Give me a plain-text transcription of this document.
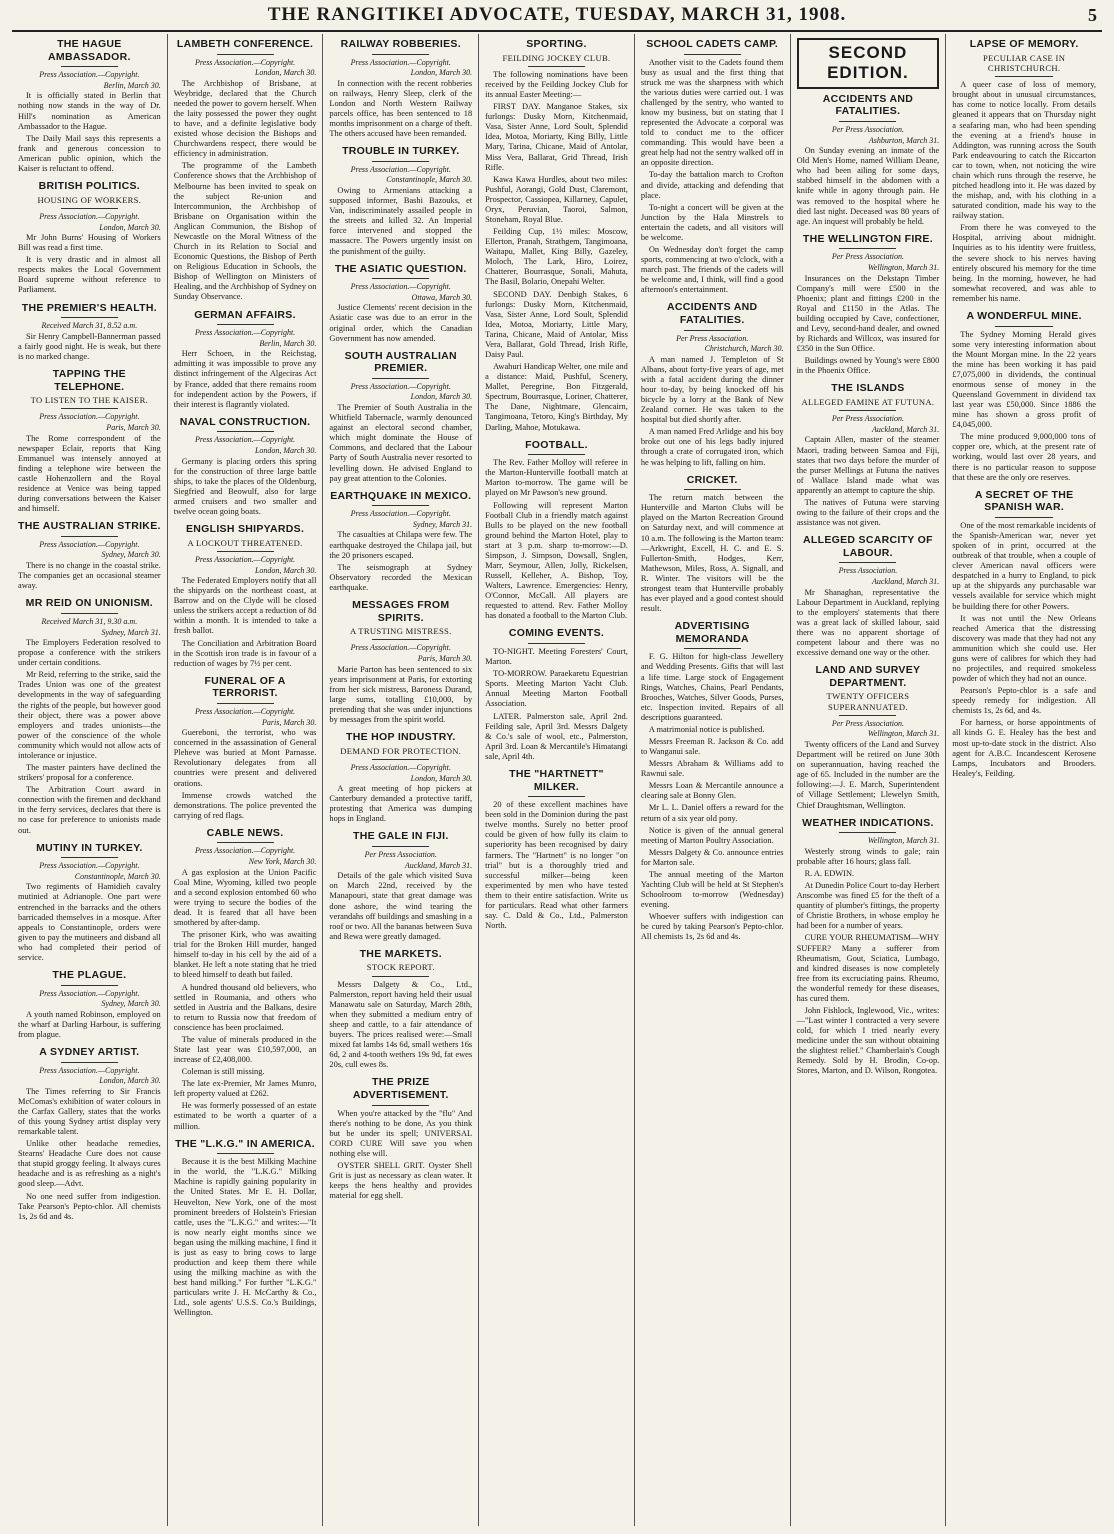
THE RANGITIKEI ADVOCATE, TUESDAY, MARCH 31, 1908.	5
THE HAGUE AMBASSADOR.
Press Association.—Copyright.
Berlin, March 30.

It is officially stated in Berlin that nothing now stands in the way of Dr. Hill's nomination as American Ambassador to the Hague.

The Daily Mail says this represents a frank and generous concession to American public opinion, which the Kaiser is reluctant to offend.

BRITISH POLITICS.
HOUSING OF WORKERS.
Press Association.—Copyright.
London, March 30.

Mr John Burns' Housing of Workers Bill was read a first time.

It is very drastic and in almost all respects makes the Local Government Board supreme without reference to Parliament.

THE PREMIER'S HEALTH.
Received March 31, 8.52 a.m.

Sir Henry Campbell-Bannerman passed a fairly good night. He is weak, but there is no marked change.

TAPPING THE TELEPHONE.
TO LISTEN TO THE KAISER.
Press Association.—Copyright.
Paris, March 30.

The Rome correspondent of the newspaper Eclair, reports that King Emmanuel was intensely annoyed at finding a telephone wire between the castle Hohenzollern and the Royal residence at Venice was being tapped during conversations between the Kaiser and himself.

THE AUSTRALIAN STRIKE.
Press Association.—Copyright.
Sydney, March 30.

There is no change in the coastal strike. The companies get an occasional steamer away.

MR REID ON UNIONISM.
Received March 31, 9.30 a.m.
Sydney, March 31.

The Employers Federation resolved to propose a conference with the strikers under certain conditions.

Mr Reid, referring to the strike, said the Trades Union was one of the greatest developments in the way of safeguarding the rights of the people, but however good their object, there was a power above employers and trades unionists—the power of the conscience of the whole community which would not allow acts of intolerance or injustice.

The master painters have declined the strikers' proposal for a conference.

The Arbitration Court award in connection with the firemen and deckhand in the ferry services, declares that there is no case for preference to unionists made out.

MUTINY IN TURKEY.
Press Association.—Copyright.
Constantinople, March 30.

Two regiments of Hamidieh cavalry mutinied at Adrianople. One part were entrenched in the barracks and the others barricaded themselves in a mosque. After appeals to Constantinople, orders were given to pay the mutineers and disband all who had completed their period of service.

THE PLAGUE.
Press Association.—Copyright.
Sydney, March 30.

A youth named Robinson, employed on the wharf at Darling Harbour, is suffering from plague.

A SYDNEY ARTIST.
Press Association.—Copyright.
London, March 30.

The Times referring to Sir Francis McComas's exhibition of water colours in the Carfax Gallery, states that the works of this young Sydney artist display very remarkable talent.

Unlike other headache remedies, Stearns' Headache Cure does not cause that stupid groggy feeling. It always cures headache and is as refreshing as a night's good sleep.—Advt.

No one need suffer from indigestion. Take Pearson's Pepto-chlor. All chemists 1s, 2s 6d and 4s.

LAMBETH CONFERENCE.
Press Association.—Copyright.
London, March 30.

The Archbishop of Brisbane, at Weybridge, declared that the Church needed the power to govern herself. When the laity possessed the power they ought to have, and a definite legislative body existed whose decision the Bishops and Churchwardens respect, there would be efficiency in administration.

The programme of the Lambeth Conference shows that the Archbishop of Melbourne has been invited to speak on the subject Re-union and Intercommunion, the Archbishop of Brisbane on Organisation within the Anglican Communion, the Bishop of Newcastle on the Moral Witness of the Church in its Relation to Social and Economic Questions, the Bishop of Perth on Religious Education in Schools, the Bishop of Wellington on Ministers of Healing, and the Archbishop of Sydney on Sunday Observance.

GERMAN AFFAIRS.
Press Association.—Copyright.
Berlin, March 30.

Herr Schoen, in the Reichstag, admitting it was impossible to prove any distinct infringement of the Algeciras Act by France, added that there remains room for independent action by the Powers, if their interest is flagrantly violated.

NAVAL CONSTRUCTION.
Press Association.—Copyright.
London, March 30.

Germany is placing orders this spring for the construction of three large battle ships, to take the places of the Oldenburg, Siegfried and Beowulf, also for large armed cruisers and two smaller and twelve ocean going boats.

ENGLISH SHIPYARDS.
A LOCKOUT THREATENED.
Press Association.—Copyright.
London, March 30.

The Federated Employers notify that all the shipyards on the northeast coast, at Barrow and on the Clyde will be closed unless the strikers accept a reduction of 8d within a month. It is intended to take a fresh ballot.

The Conciliation and Arbitration Board in the Scottish iron trade is in favour of a reduction of wages by 7½ per cent.

FUNERAL OF A TERRORIST.
Press Association.—Copyright.
Paris, March 30.

Guereboni, the terrorist, who was concerned in the assassination of General Pleheve was buried at Mont Parnasse. Revolutionary delegates from all countries were present and delivered orations.

Immense crowds watched the demonstrations. The police prevented the carrying of red flags.

CABLE NEWS.
Press Association.—Copyright.
New York, March 30.

A gas explosion at the Union Pacific Coal Mine, Wyoming, killed two people and a second explosion entombed 60 who were trying to secure the bodies of the dead. It is feared that all have been smothered by after-damp.

The prisoner Kirk, who was awaiting trial for the Broken Hill murder, hanged himself to-day in his cell by the aid of a blanket. He left a note stating that he tried to bleed himself to death but failed.

A hundred thousand old believers, who settled in Roumania, and others who settled in Austria and the Balkans, desire to return to Russia now that freedom of conscience has been proclaimed.

The value of minerals produced in the State last year was £10,597,000, an increase of £2,408,000.

Coleman is still missing.

The late ex-Premier, Mr James Munro, left property valued at £262.

He was formerly possessed of an estate estimated to be worth a quarter of a million.

THE "L.K.G." IN AMERICA.

Because it is the best Milking Machine in the world, the "L.K.G." Milking Machine is rapidly gaining popularity in the United States. Mr E. H. Dollar, Heuvelton, New York, one of the most prominent breeders of Holstein's Friesian cattle, uses the "L.K.G." and writes:—"It is now nearly eight months since we began using the milking machine, I find it is just as easy to bring cows to large production and keep them there while using the milking machine as with the best hand milking." For further "L.K.G." particulars write J. H. McCarthy & Co., Ltd., sole agents' U.S.S. Co.'s Buildings, Wellington.

RAILWAY ROBBERIES.
Press Association.—Copyright.
London, March 30.

In connection with the recent robberies on railways, Henry Sleep, clerk of the London and North Western Railway parcels office, has been sentenced to 18 months imprisonment on a charge of theft. The others accused have been remanded.

TROUBLE IN TURKEY.
Press Association.—Copyright.
Constantinople, March 30.

Owing to Armenians attacking a supposed informer, Bashi Bazouks, et Van, indiscriminately assailed people in the streets and killed 32. An Imperial force intervened and stopped the massacre. The Powers urgently insist on the punishment of the guilty.

THE ASIATIC QUESTION.
Press Association.—Copyright.
Ottawa, March 30.

Justice Clements' recent decision in the Asiatic case was due to an error in the original order, which the Canadian Government has now amended.

SOUTH AUSTRALIAN PREMIER.
Press Association.—Copyright.
London, March 30.

The Premier of South Australia in the Whitfield Tabernacle, warmly denounced against an electoral second chamber, which might dominate the House of Commons, and declared that the Labour Party of South Australia never resorted to levelling down. He advised England to pay great attention to the Colonies.

EARTHQUAKE IN MEXICO.
Press Association.—Copyright.
Sydney, March 31.

The casualties at Chilapa were few. The earthquake destroyed the Chilapa jail, but the 20 prisoners escaped.

The seismograph at Sydney Observatory recorded the Mexican earthquake.

MESSAGES FROM SPIRITS.
A TRUSTING MISTRESS.
Press Association.—Copyright.
Paris, March 30.

Marie Parton has been sentenced to six years imprisonment at Paris, for extorting from her sick mistress, Baroness Durand, large sums, totalling £10,000, by pretending that she was under injunctions by messages from the spirit world.

THE HOP INDUSTRY.
DEMAND FOR PROTECTION.
Press Association.—Copyright.
London, March 30.

A great meeting of hop pickers at Canterbury demanded a protective tariff, protesting that America was dumping hops in England.

THE GALE IN FIJI.
Per Press Association.
Auckland, March 31.

Details of the gale which visited Suva on March 22nd, received by the Manapouri, state that great damage was done ashore, the wind tearing the verandahs off buildings and smashing in a roof or two. All the bananas between Suva and Rewa were greatly damaged.

THE MARKETS.
STOCK REPORT.

Messrs Dalgety & Co., Ltd., Palmerston, report having held their usual Manawatu sale on Saturday, March 28th, when they submitted a medium entry of sheep and cattle, to a fair attendance of buyers. The prices realised were:—Small mixed fat lambs 14s 6d, small wethers 16s 6d, 2 and 4-tooth wethers 19s 9d, fat ewes 20s, cull ewes 8s.

THE PRIZE ADVERTISEMENT.

When you're attacked by the "flu" And there's nothing to be done, As you think but be under its spell; UNIVERSAL CORD CURE Will save you when nothing else will.

OYSTER SHELL GRIT. Oyster Shell Grit is just as necessary as clean water. It keeps the hens healthy and provides material for egg shell.

SPORTING.
FEILDING JOCKEY CLUB.

The following nominations have been received by the Feilding Jockey Club for its annual Easter Meeting:—

FIRST DAY. Manganoe Stakes, six furlongs: Dusky Morn, Kitchenmaid, Vasa, Sister Anne, Lord Soult, Splendid Idea, Motoa, Moriarty, King Billy, Little Mary, Tarina, Chicane, Maid of Antolar, Miss Vera, Ballarat, Grid Thread, Irish Rifle.

Kawa Kawa Hurdles, about two miles: Pushful, Aorangi, Gold Dust, Claremont, Prospector, Cassiopea, Killarney, Capulet, Oryx, Peruvian, Taoroi, Salmon, Stoneham, Royal Blue.

Feilding Cup, 1½ miles: Moscow, Ellerton, Pranah, Strathgem, Tangimoana, Waitapu, Mallet, King Billy, Gazeley, Moloch, The Lark, Hiro, Loirez, Chatterer, Bourrasque, Sonali, Mahuta, The Basil, Bolario, Onepahi Welter.

SECOND DAY. Denbigh Stakes, 6 furlongs: Dusky Morn, Kitchenmaid, Vasa, Sister Anne, Lord Soult, Splendid Idea, Motoa, Moriarty, Little Mary, Tarina, Chicane, Maid of Antolar, Miss Vera, Ballarat, Gold Thread, Irish Rifle, Daisy Paul.

Awahuri Handicap Welter, one mile and a distance: Maid, Pushful, Scenery, Mallet, Peregrine, Bon Fitzgerald, Spectrum, Bourrasque, Loriner, Chatterer, The Dane, Nightmare, Glencairn, Tangimoana, Tetoro, King's Birthday, My Darling, Mahoe, Motukawa.

FOOTBALL.

The Rev. Father Molloy will referee in the Marton-Hunterville football match at Marton to-morrow. The game will be played on Mr Pawson's new ground.

Following will represent Marton Football Club in a friendly match against Bulls to be played on the new football ground behind the Marton Hotel, play to start at 3 p.m. sharp to-morrow:—D. Simpson, J. Simpson, Dowsall, Snglen, Marr, Seymour, Allen, Jolly, Rickelsen, Russell, Kelleher, A. Bishop, Toy, Walters, Lawrence. Emergencies: Henry, O'Connor, McCall. All players are requested to attend. Rev. Father Molloy has donated a football to the Marton Club.

COMING EVENTS.

TO-NIGHT. Meeting Foresters' Court, Marton.

TO-MORROW. Paraekaretu Equestrian Sports. Meeting Marton Yacht Club. Annual Meeting Marton Football Association.

LATER. Palmerston sale, April 2nd. Feilding sale, April 3rd. Messrs Dalgety & Co.'s sale of wool, etc., Palmerston, April 3rd. Loan & Mercantile's Himatangi sale, April 4th.

THE "HARTNETT" MILKER.

20 of these excellent machines have been sold in the Dominion during the past twelve months. Surely no better proof could be given of how fully its claim to superiority has been recognised by dairy farmers. The "Hartnett" is no longer "on trial" but is a thoroughly tried and successful milker—being keen experimented by men who have tested them to their entire satisfaction. Write us for particulars. Read what other farmers say. C. Dald & Co., Ltd., Palmerston North.

SCHOOL CADETS CAMP.

Another visit to the Cadets found them busy as usual and the first thing that struck me was the sharpness with which the various duties were carried out. I was challenged by the sentry, who wanted to know my business, but on stating that I represented the Advocate a corporal was told to conduct me to the officer commanding. This would have been a great help had not the sentry walked off in an opposite direction.

To-day the battalion march to Crofton and divide, attacking and defending that place.

To-night a concert will be given at the Junction by the Hala Minstrels to entertain the cadets, and all visitors will be welcome.

On Wednesday don't forget the camp sports, commencing at two o'clock, with a march past. The friends of the cadets will be welcome and, I think, will find a good afternoon's entertainment.

ACCIDENTS AND FATALITIES.
Per Press Association.
Christchurch, March 30.

A man named J. Templeton of St Albans, about forty-five years of age, met with a fatal accident during the dinner hour to-day, by being knocked off his bicycle by a lorry at the Bank of New Zealand corner. He was taken to the hospital but died shortly after.

A man named Fred Arlidge and his boy broke out one of his legs badly injured through a crate of corrugated iron, which he was helping to lift, falling on him.

CRICKET.

The return match between the Hunterville and Marton Clubs will be played on the Marton Recreation Ground on Saturday next, and will commence at 10 a.m. The following is the Marton team:—Arkwright, Excell, H. C. and E. S. Fullerton-Smith, Hodges, Kerr, Mathewson, Miles, Ross, A. Signall, and R. Winter. The visitors will be the strongest team that Hunterville probably has ever played and a good contest should result.

ADVERTISING MEMORANDA

F. G. Hilton for high-class Jewellery and Wedding Presents. Gifts that will last a life time. Large stock of Engagement Rings, Watches, Chains, Pearl Pendants, Brooches, Watches, Silver Goods, Purses, etc. Inspection invited. Repairs of all descriptions guaranteed.

A matrimonial notice is published.

Messrs Freeman R. Jackson & Co. add to Wanganui sale.

Messrs Abraham & Williams add to Rawnui sale.

Messrs Loan & Mercantile announce a clearing sale at Bonny Glen.

Mr L. L. Daniel offers a reward for the return of a six year old pony.

Notice is given of the annual general meeting of Marton Poultry Association.

Messrs Dalgety & Co. announce entries for Marton sale.

The annual meeting of the Marton Yachting Club will be held at St Stephen's Schoolroom to-morrow (Wednesday) evening.

Whoever suffers with indigestion can be cured by taking Pearson's Pepto-chlor. All chemists 1s, 2s 6d and 4s.

SECOND EDITION.
ACCIDENTS AND FATALITIES.
Per Press Association.
Ashburton, March 31.

On Sunday evening an inmate of the Old Men's Home, named William Deane, who had been ailing for some days, stabbed himself in the abdomen with a knife while in agony through pain. He was removed to the hospital where he died last night. Deceased was 80 years of age. An inquest will probably be held.

THE WELLINGTON FIRE.
Per Press Association.
Wellington, March 31.

Insurances on the Dekstapn Timber Company's mill were £500 in the Phoenix; plant and fittings £200 in the Royal and £1150 in the Atlas. The building occupied by Cave, confectioner, and Levy, second-hand dealer, and owned by Richards and Willcox, was insured for £350 in the Sun Office.

Buildings owned by Young's were £800 in the Phoenix Office.

THE ISLANDS
ALLEGED FAMINE AT FUTUNA.
Per Press Association.
Auckland, March 31.

Captain Allen, master of the steamer Maori, trading between Samoa and Fiji, states that two days before the murder of the purser Mellings at Futuna the natives of Wallace Island made what was apparently an attempt to capture the ship.

The natives of Futuna were starving owing to the failure of their crops and the assistance was not given.

ALLEGED SCARCITY OF LABOUR.
Press Association.
Auckland, March 31.

Mr Shanaghan, representative the Labour Department in Auckland, replying to the employers' statements that there was a great lack of skilled labour, said there was no apparent shortage of competent labour and there was no excessive demand one way or the other.

LAND AND SURVEY DEPARTMENT.
TWENTY OFFICERS SUPERANNUATED.
Per Press Association.
Wellington, March 31.

Twenty officers of the Land and Survey Department will be retired on June 30th on superannuation, having reached the age of 65. Included in the number are the following:—J. E. March, Superintendent of Village Settlement; Llewelyn Smith, Chief Draughtsman, Wellington.

WEATHER INDICATIONS.
Wellington, March 31.

Westerly strong winds to gale; rain probable after 16 hours; glass fall.

R. A. EDWIN.

At Dunedin Police Court to-day Herbert Anscombe was fined £5 for the theft of a quantity of plumber's fittings, the property of Christie Brothers, in whose employ he had been for a number of years.

CURE YOUR RHEUMATISM—WHY SUFFER? Many a sufferer from Rheumatism, Gout, Sciatica, Lumbago, and kindred diseases is now completely free from its excruciating pains. Rheumo, the wonderful remedy for these diseases, has cured them.

John Fishlock, Inglewood, Vic., writes:—"Last winter I contracted a very severe cold, for which I tried nearly every medicine under the sun without obtaining the slightest relief." Chamberlain's Cough Remedy. Sold by H. Brodin, Co-op. Stores, Marton, and D. Wilson, Rongotea.

LAPSE OF MEMORY.
PECULIAR CASE IN CHRISTCHURCH.

A queer case of loss of memory, brought about in unusual circumstances, has come to notice locally. From details gleaned it appears that on Thursday night a seafaring man, who had been spending the evening at a friend's house in Addington, was running across the South Park endeavouring to catch the Riccarton car to town, when, not noticing the wire chain which runs through the reserve, he pitched headlong into it. He was dazed by the mishap, and, with his clothing in a saturated condition, made his way to the railway station.

From there he was conveyed to the Hospital, arriving about midnight. Inquiries as to his identity were fruitless, the severe shock to his nerves having entirely obscured his memory for the time being. In the morning, however, he had somewhat recovered, and was able to remember his name.

A WONDERFUL MINE.

The Sydney Morning Herald gives some very interesting information about the Mount Morgan mine. In the 22 years the mine has been working it has paid £7,075,000 in dividends, the continual enormous sense of money in the Queensland Government in dividend tax last year was £50,000. Since 1886 the mine has shown a gross profit of £4,045,000.

The mine produced 9,000,000 tons of copper ore, which, at the present rate of working, would last over 28 years, and there is no particular reason to suppose that these are the only ore reserves.

A SECRET OF THE SPANISH WAR.

One of the most remarkable incidents of the Spanish-American war, never yet spoken of in print, occurred at the outbreak of that trouble, when a couple of clever American naval officers were despatched in a hurry to England, to pick up at the shipyards any purchasable war vessels available for service which might be building there for other Powers.

It was not until the New Orleans reached America that the distressing discovery was made that they had not any ammunition which she could use. Her guns were of calibres for which they had no projectiles, and required smokeless powder of which they had not an ounce.

Pearson's Pepto-chlor is a safe and speedy remedy for indigestion. All chemists 1s, 2s 6d, and 4s.

For harness, or horse appointments of all kinds G. E. Healey has the best and most up-to-date stock in the district. Also agent for A.B.C. Incandescent Kerosene Lamps, Incubators and Brooders. Healey's, Feilding.
